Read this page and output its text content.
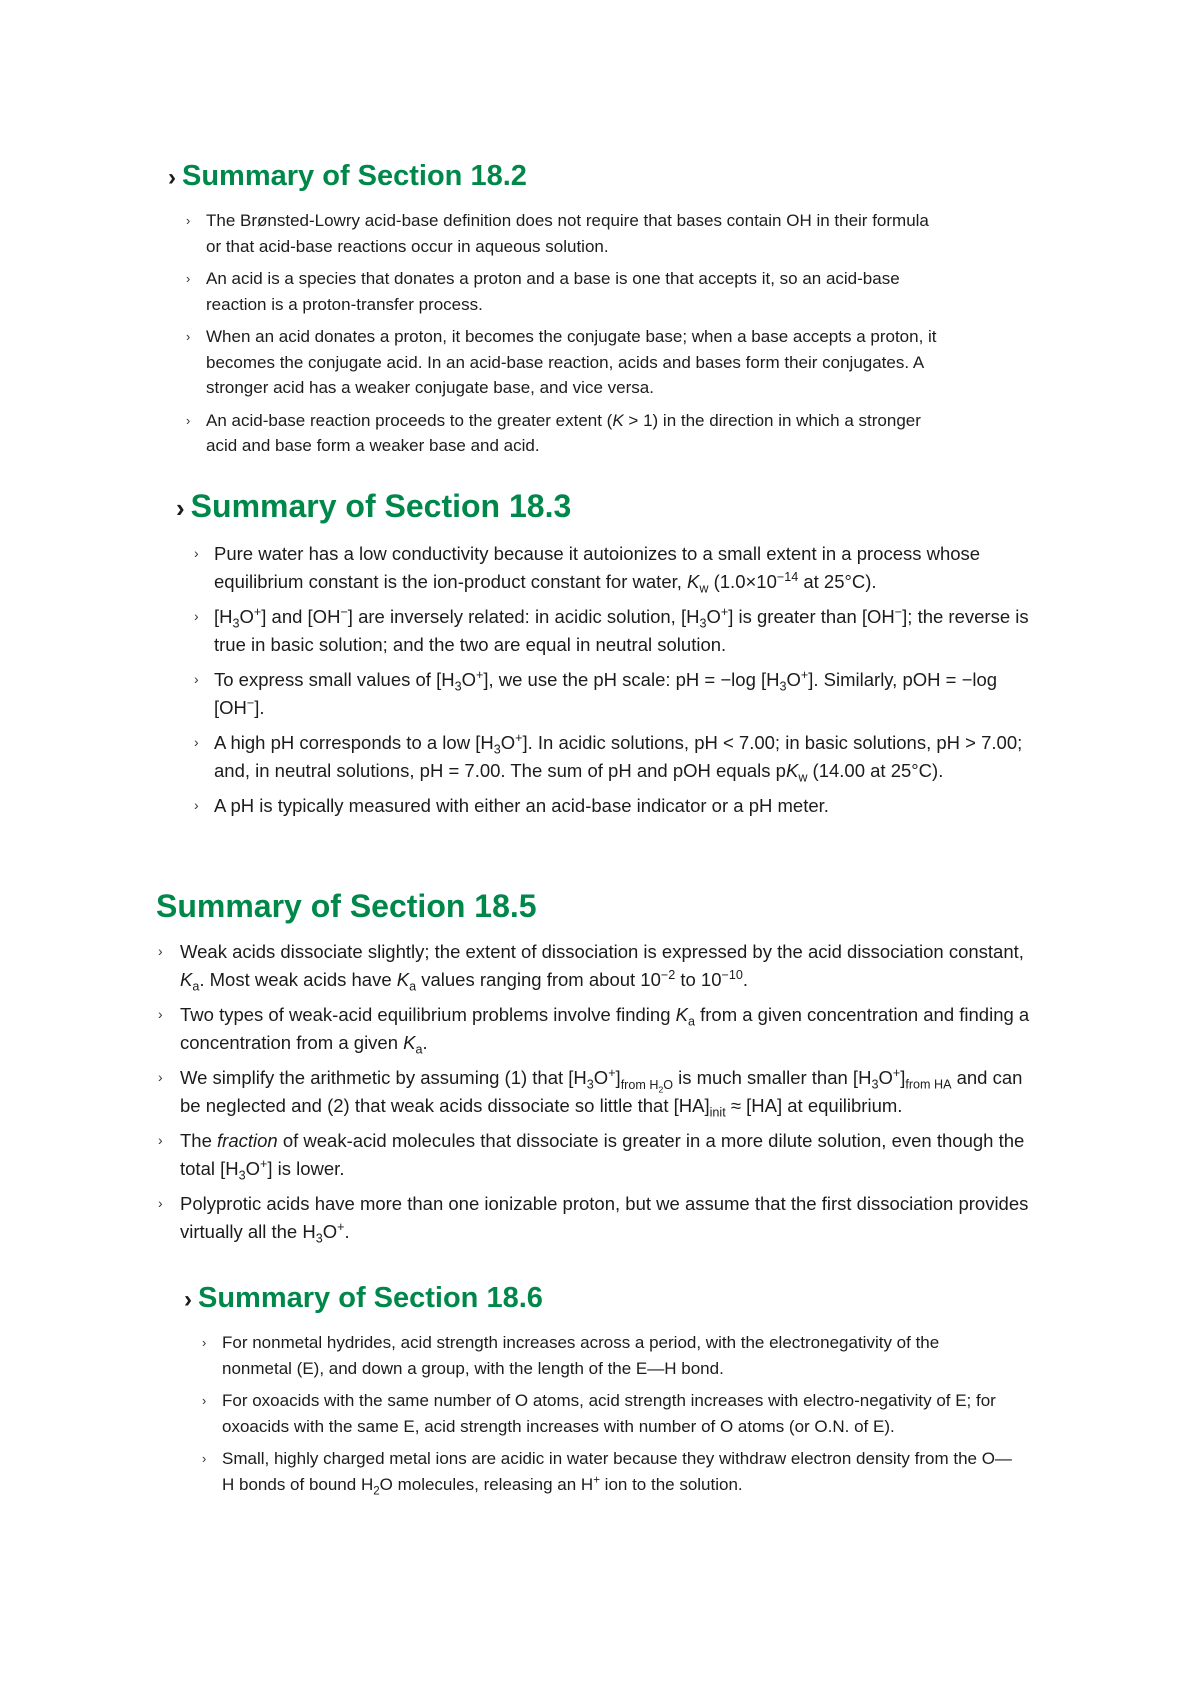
› Summary of Section 18.2
› The Brønsted-Lowry acid-base definition does not require that bases contain OH in their formula or that acid-base reactions occur in aqueous solution.
› An acid is a species that donates a proton and a base is one that accepts it, so an acid-base reaction is a proton-transfer process.
› When an acid donates a proton, it becomes the conjugate base; when a base accepts a proton, it becomes the conjugate acid. In an acid-base reaction, acids and bases form their conjugates. A stronger acid has a weaker conjugate base, and vice versa.
› An acid-base reaction proceeds to the greater extent (K > 1) in the direction in which a stronger acid and base form a weaker base and acid.
› Summary of Section 18.3
› Pure water has a low conductivity because it autoionizes to a small extent in a process whose equilibrium constant is the ion-product constant for water, $K_w$ ($1.0\times 10^{-14}$ at 25°C).
› $[H_3O^+]$ and [OH−] are inversely related: in acidic solution, $[H_3O^+]$ is greater than [OH−]; the reverse is true in basic solution; and the two are equal in neutral solution.
› To express small values of $[H_3O^+]$, we use the pH scale: pH = −log $[H_3O^+]$. Similarly, pOH = −log [OH−].
› A high pH corresponds to a low $[H_3O^+]$. In acidic solutions, pH < 7.00; in basic solutions, pH > 7.00; and, in neutral solutions, pH = 7.00. The sum of pH and pOH equals $pK_w$ (14.00 at 25°C).
› A pH is typically measured with either an acid-base indicator or a pH meter.
Summary of Section 18.5
› Weak acids dissociate slightly; the extent of dissociation is expressed by the acid dissociation constant, $K_a$. Most weak acids have $K_a$ values ranging from about $10^{-2}$ to $10^{-10}$.
› Two types of weak-acid equilibrium problems involve finding $K_a$ from a given concentration and finding a concentration from a given $K_a$.
› We simplify the arithmetic by assuming (1) that $[H_3O^+]_{from H_2O}$ is much smaller than $[H_3O^+]_{from HA}$ and can be neglected and (2) that weak acids dissociate so little that $[HA]_{init} \approx [HA]$ at equilibrium.
› The fraction of weak-acid molecules that dissociate is greater in a more dilute solution, even though the total $[H_3O^+]$ is lower.
› Polyprotic acids have more than one ionizable proton, but we assume that the first dissociation provides virtually all the $H_3O^+$.
› Summary of Section 18.6
› For nonmetal hydrides, acid strength increases across a period, with the electronegativity of the nonmetal (E), and down a group, with the length of the E—H bond.
› For oxoacids with the same number of O atoms, acid strength increases with electro-negativity of E; for oxoacids with the same E, acid strength increases with number of O atoms (or O.N. of E).
› Small, highly charged metal ions are acidic in water because they withdraw electron density from the O—H bonds of bound $H_2O$ molecules, releasing an H+ ion to the solution.
